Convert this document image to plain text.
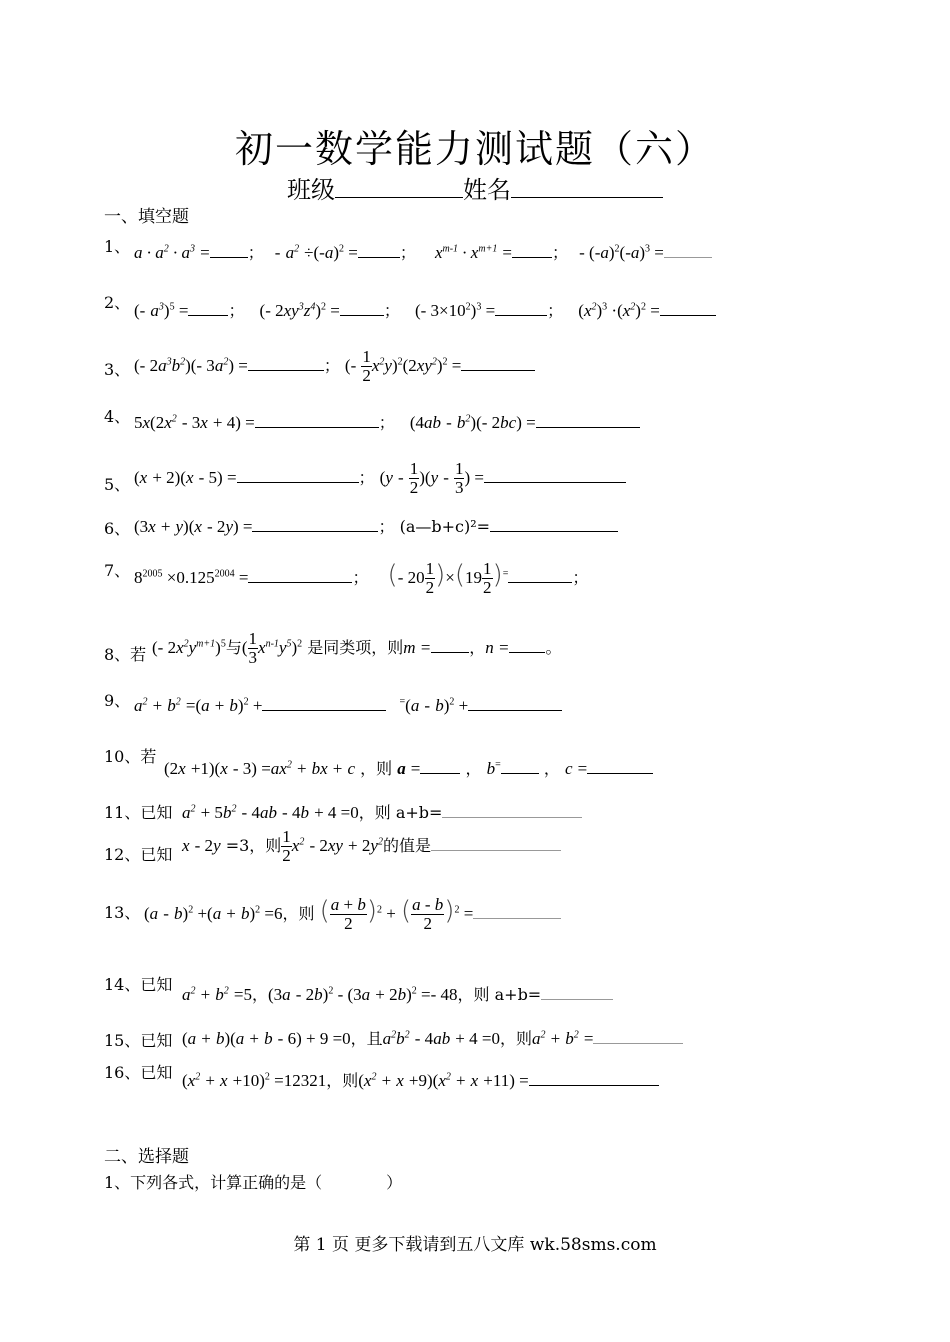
初一数学能力测试题（六）
班级	姓名
一、填空题
1、 $a \cdot a^2 \cdot a^3$ = ； - $a^2 \div(-a)^2$ =	； $x^{m-1} \cdot x^{m+1}$ =	； - $(-a)^2(-a)^3$ =
2、 (- $a^3)^5$ =	； (- $2xy^3z^4)^2$ =	； (- $3\times 10^2)^3$ =	； $(x^2)^3 \cdot(x^2)^2$ =
3、 (- $2a^3b^2)(-$ $3a^2$) =	； (- $\frac{1}{2} x^2y)^2(2xy^2)^2$ =
4、 $5x(2x^2 - 3x + 4)$ =	； $(4ab - b^2)(-$ 2bc) =
5、 (x + 2)(x - 5) =	； $(y - \frac{1}{2} )(y - \frac{1}{3}$ ) =
6、 (3x + y)(x - 2y) =	； (a—b+c)²=
7、 $8^{2005} \times 0.125^{2004}$ =	； (- $20 \frac{1}{2} )\times(19 \frac{1}{2} )^=$	；
8、若 (- $2x^2y^{m+1})^5$与( $\frac{1}{3} x^{n-1}y^5)^2$ 是同类项，则m = ，n = 。
9、 $a^2 + b^2 =(a + b)^2$ +	=(a - b)$^2$ +
10、若
$(2x +1)(x - 3) =ax^2$ + bx + c ，则 a =	， b=	， c =
11、已知 $a^2 + 5b^2 - 4ab - 4b + 4 =0$，则 a+b=
12、已知 x - 2y =3，则 $\frac{1}{2} x^2 - 2xy + 2y^2$的值是
13、 $(a - b)^2 +(a + b)^2 =6$，则 ( $\frac{a + b}{2} )^2$ + ( $\frac{a - b}{2} )^2$ =
14、已知
$a^2 + b^2 =5$，$(3a - 2b)^2 - (3a + 2b)^2 =- 48$，则 a+b=
15、已知 (a + b)(a + b - 6) + 9 =0，且$a^2b^2 - 4ab + 4 =0$，则$a^2 + b^2$ =
16、已知 $(x^2 + x +10)^2 =12321$，则$(x^2 + x +9)(x^2 + x +11)$ =
二、选择题
1、下列各式，计算正确的是（　　　　）
第 1 页 更多下载请到五八文库 wk.58sms.com
